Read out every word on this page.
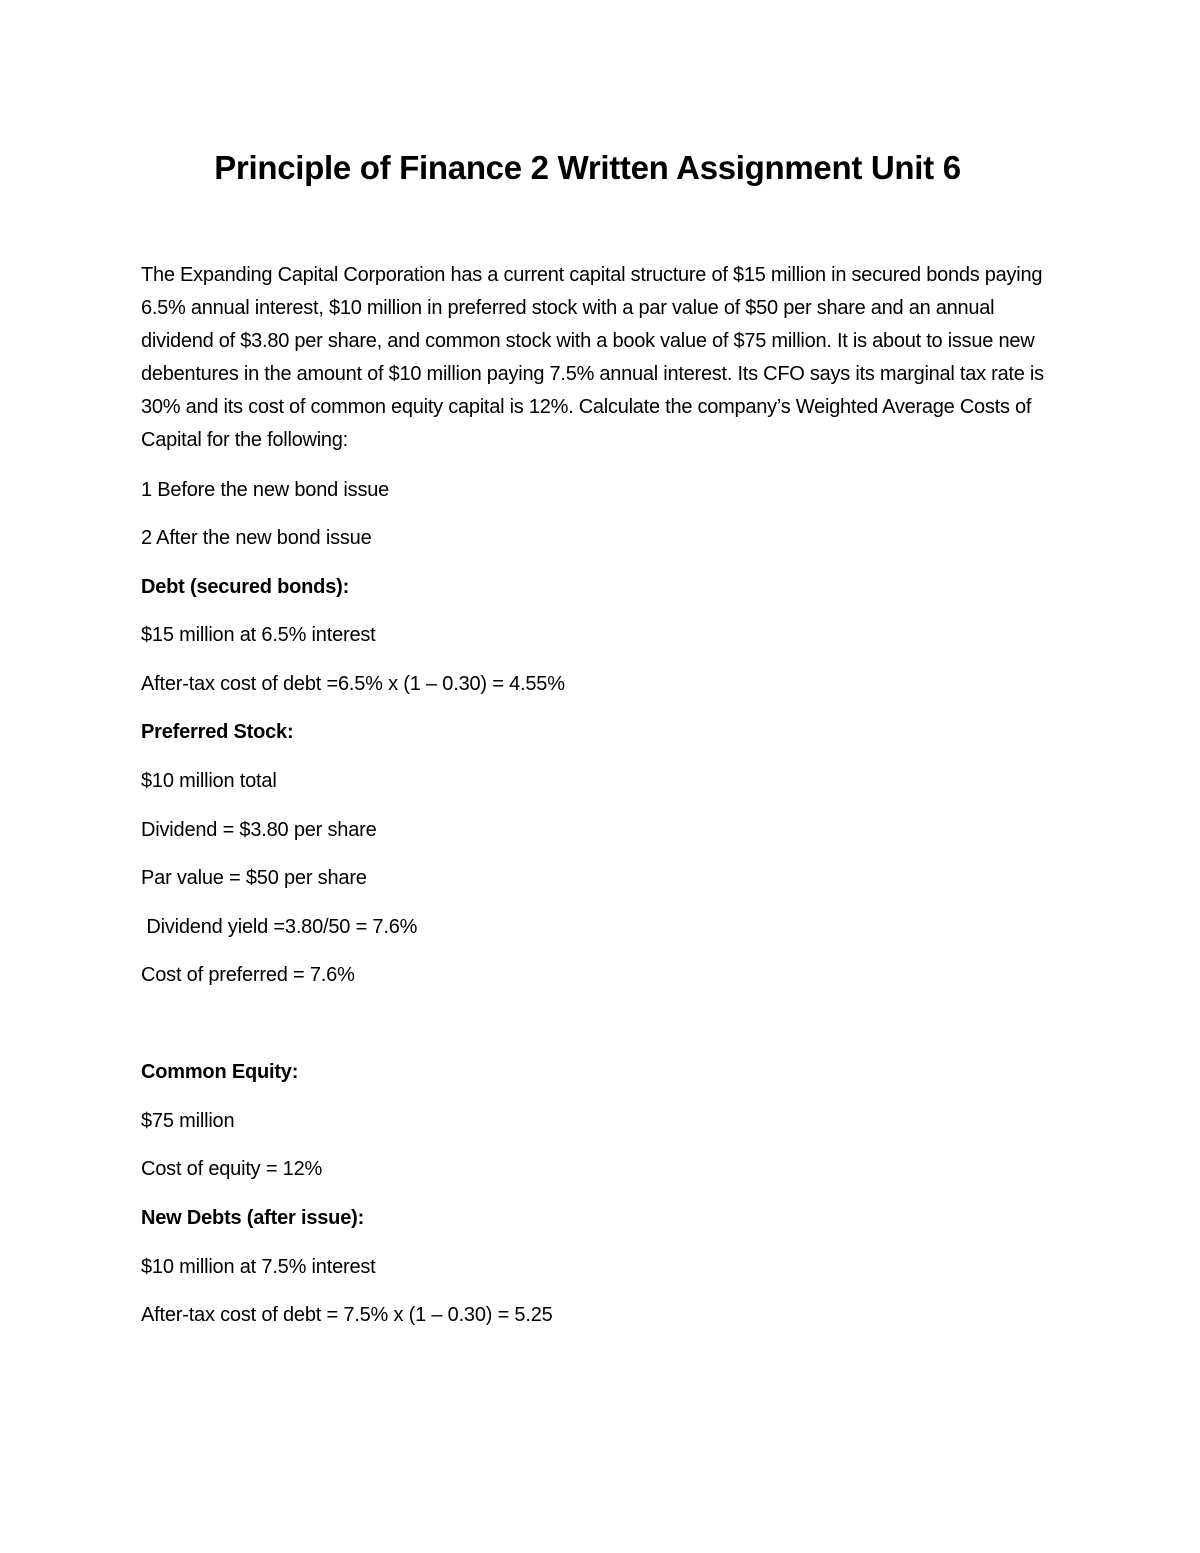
Principle of Finance 2 Written Assignment Unit 6

The Expanding Capital Corporation has a current capital structure of $15 million in secured bonds paying 6.5% annual interest, $10 million in preferred stock with a par value of $50 per share and an annual dividend of $3.80 per share, and common stock with a book value of $75 million. It is about to issue new debentures in the amount of $10 million paying 7.5% annual interest. Its CFO says its marginal tax rate is 30% and its cost of common equity capital is 12%. Calculate the company’s Weighted Average Costs of Capital for the following:

1 Before the new bond issue

2 After the new bond issue

Debt (secured bonds):

$15 million at 6.5% interest

After-tax cost of debt =6.5% x (1 – 0.30) = 4.55%

Preferred Stock:

$10 million total

Dividend = $3.80 per share

Par value = $50 per share

Dividend yield =3.80/50 = 7.6%

Cost of preferred = 7.6%

Common Equity:

$75 million

Cost of equity = 12%

New Debts (after issue):

$10 million at 7.5% interest

After-tax cost of debt = 7.5% x (1 – 0.30) = 5.25
